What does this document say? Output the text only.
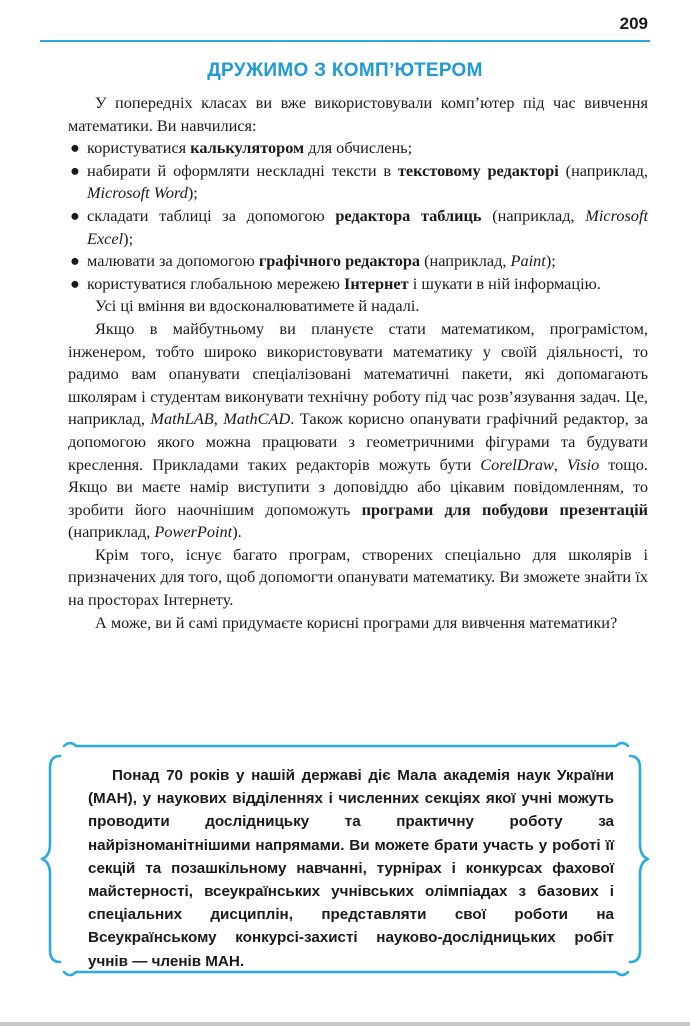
209
ДРУЖИМО З КОМП’ЮТЕРОМ

У попередніх класах ви вже використовували комп’ютер під час вивчення математики. Ви навчилися:

● користуватися калькулятором для обчислень;
● набирати й оформляти нескладні тексти в текстовому редакторі (наприклад, Microsoft Word);
● складати таблиці за допомогою редактора таблиць (наприклад, Microsoft Excel);
● малювати за допомогою графічного редактора (наприклад, Paint);
● користуватися глобальною мережею Інтернет і шукати в ній інформацію.

Усі ці вміння ви вдосконалюватимете й надалі.

Якщо в майбутньому ви плануєте стати математиком, програмістом, інженером, тобто широко використовувати математику у своїй діяльності, то радимо вам опанувати спеціалізовані математичні пакети, які допомагають школярам і студентам виконувати технічну роботу під час розв’язування задач. Це, наприклад, MathLAB, MathCAD. Також корисно опанувати графічний редактор, за допомогою якого можна працювати з геометричними фігурами та будувати креслення. Прикладами таких редакторів можуть бути CorelDraw, Visio тощо. Якщо ви маєте намір виступити з доповіддю або цікавим повідомленням, то зробити його наочнішим допоможуть програми для побудови презентацій (наприклад, PowerPoint).

Крім того, існує багато програм, створених спеціально для школярів і призначених для того, щоб допомогти опанувати математику. Ви зможете знайти їх на просторах Інтернету.

А може, ви й самі придумаєте корисні програми для вивчення математики?

Понад 70 років у нашій державі діє Мала академія наук України (МАН), у наукових відділеннях і численних секціях якої учні можуть проводити дослідницьку та практичну роботу за найрізноманітнішими напрямами. Ви можете брати участь у роботі її секцій та позашкільному навчанні, турнірах і конкурсах фахової майстерності, всеукраїнських учнівських олімпіадах з базових і спеціальних дисциплін, представляти свої роботи на Всеукраїнському конкурсі-захисті науково-дослідницьких робіт учнів — членів МАН.
